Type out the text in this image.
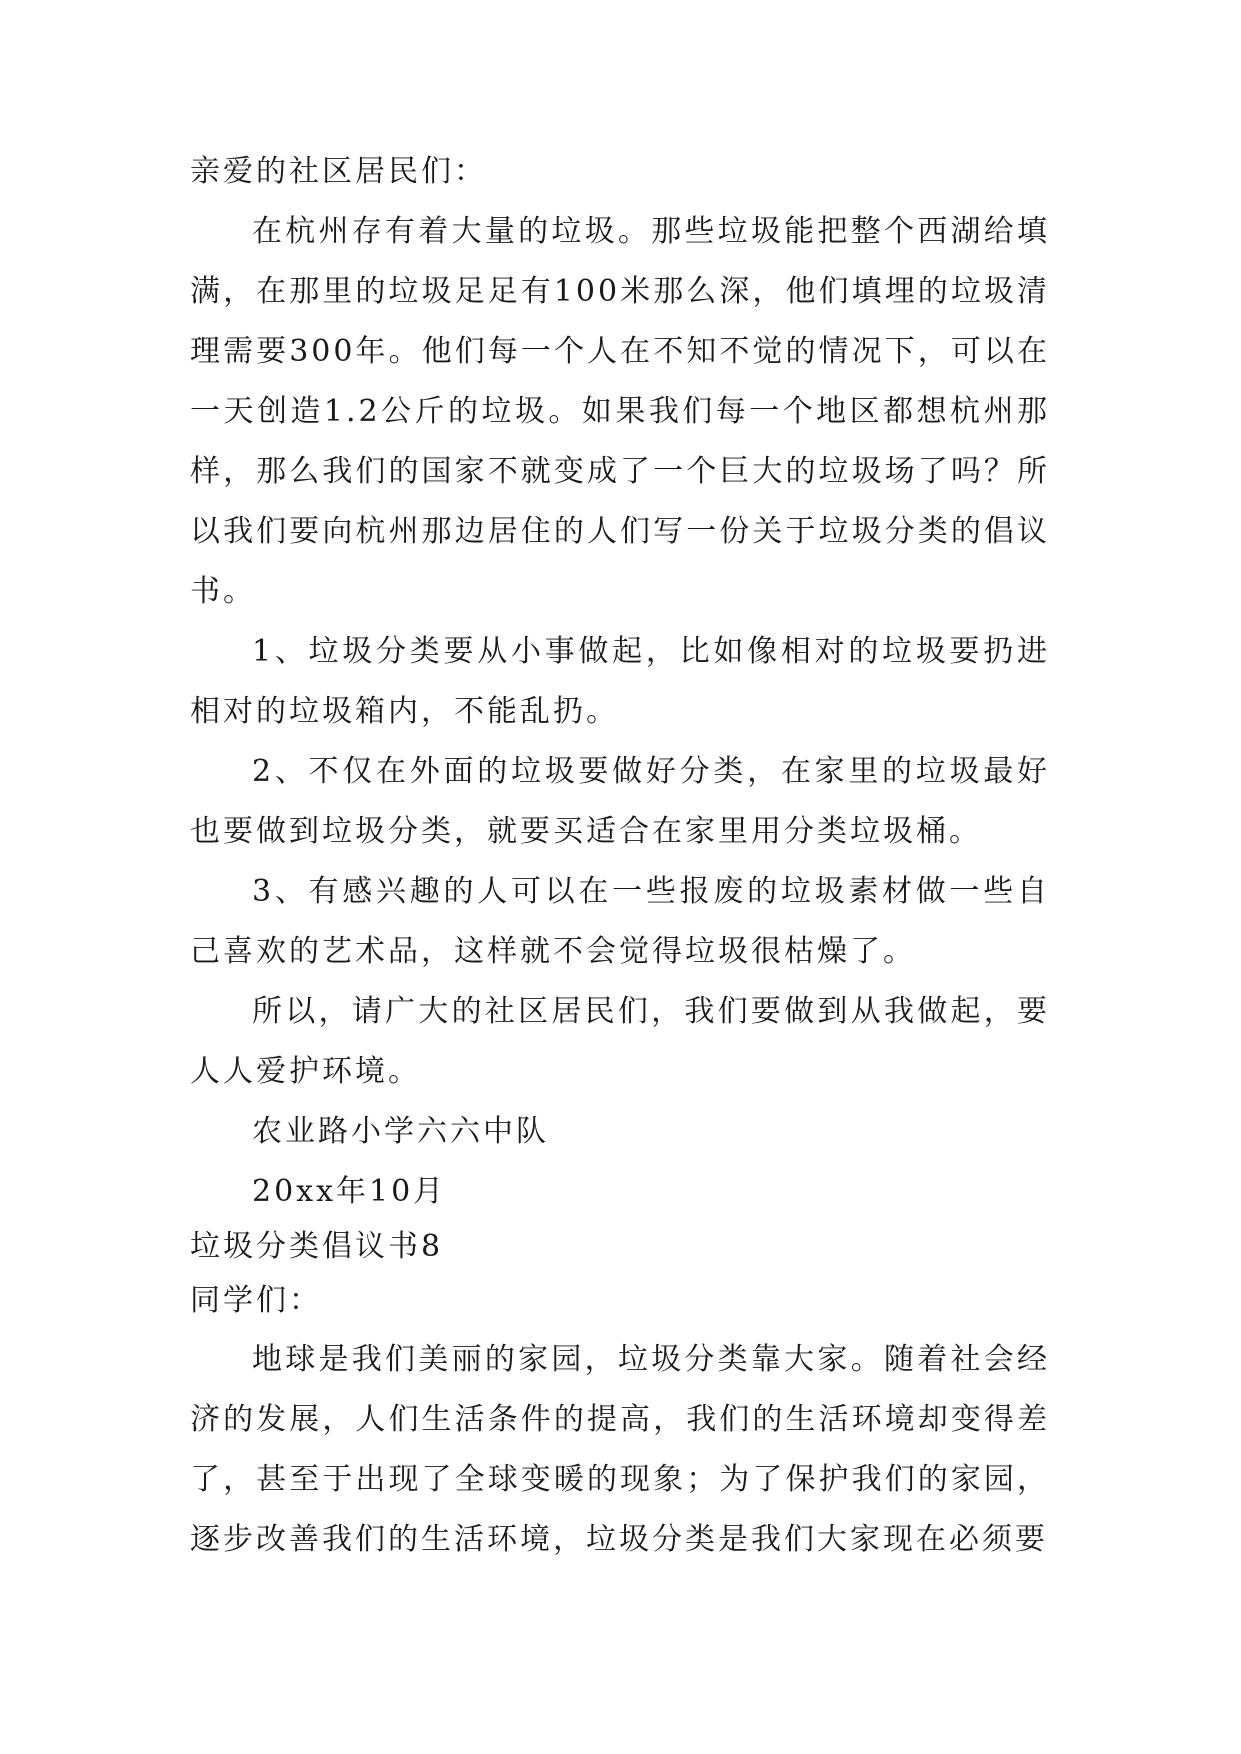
亲爱的社区居民们：

在杭州存有着大量的垃圾。那些垃圾能把整个西湖给填满，在那里的垃圾足足有100米那么深，他们填埋的垃圾清理需要300年。他们每一个人在不知不觉的情况下，可以在一天创造1.2公斤的垃圾。如果我们每一个地区都想杭州那样，那么我们的国家不就变成了一个巨大的垃圾场了吗？所以我们要向杭州那边居住的人们写一份关于垃圾分类的倡议书。

1、垃圾分类要从小事做起，比如像相对的垃圾要扔进相对的垃圾箱内，不能乱扔。

2、不仅在外面的垃圾要做好分类，在家里的垃圾最好也要做到垃圾分类，就要买适合在家里用分类垃圾桶。

3、有感兴趣的人可以在一些报废的垃圾素材做一些自己喜欢的艺术品，这样就不会觉得垃圾很枯燥了。

所以，请广大的社区居民们，我们要做到从我做起，要人人爱护环境。

农业路小学六六中队

20xx年10月

垃圾分类倡议书8

同学们：

地球是我们美丽的家园，垃圾分类靠大家。随着社会经济的发展，人们生活条件的提高，我们的生活环境却变得差了，甚至于出现了全球变暖的现象；为了保护我们的家园，逐步改善我们的生活环境，垃圾分类是我们大家现在必须要
